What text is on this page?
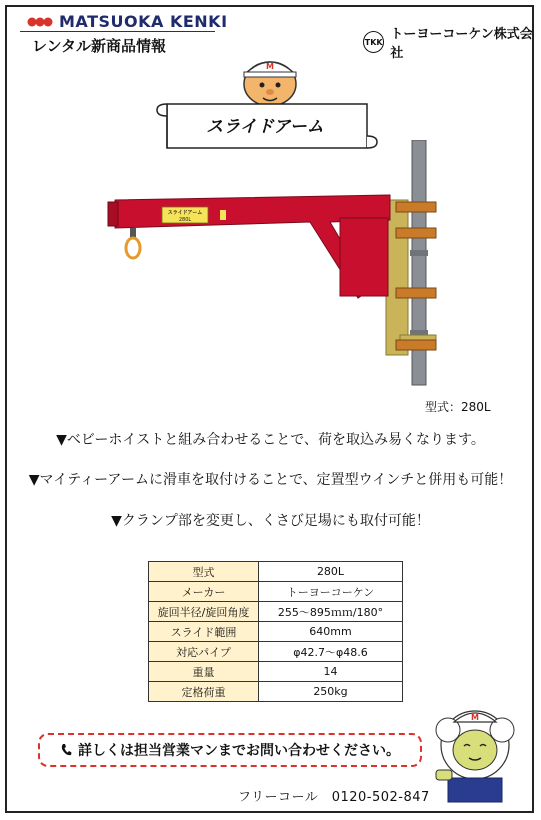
MATSUOKA KENKI
レンタル新商品情報	TKK トーヨーコーケン株式会社
M
スライドアーム
スライドアーム
280L
型式：280L
▼ベビーホイストと組み合わせることで、荷を取込み易くなります。
▼マイティーアームに滑車を取付けることで、定置型ウインチと併用も可能！
▼クランプ部を変更し、くさび足場にも取付可能！
型式	280L
メーカー	トーヨーコーケン
旋回半径/旋回角度	255～895ｍｍ/180°
スライド範囲	640mm
対応パイプ	φ42.7～φ48.6
重量	14
定格荷重	250kg
詳しくは担当営業マンまでお問い合わせください。
M
フリーコール　0120-502-847
